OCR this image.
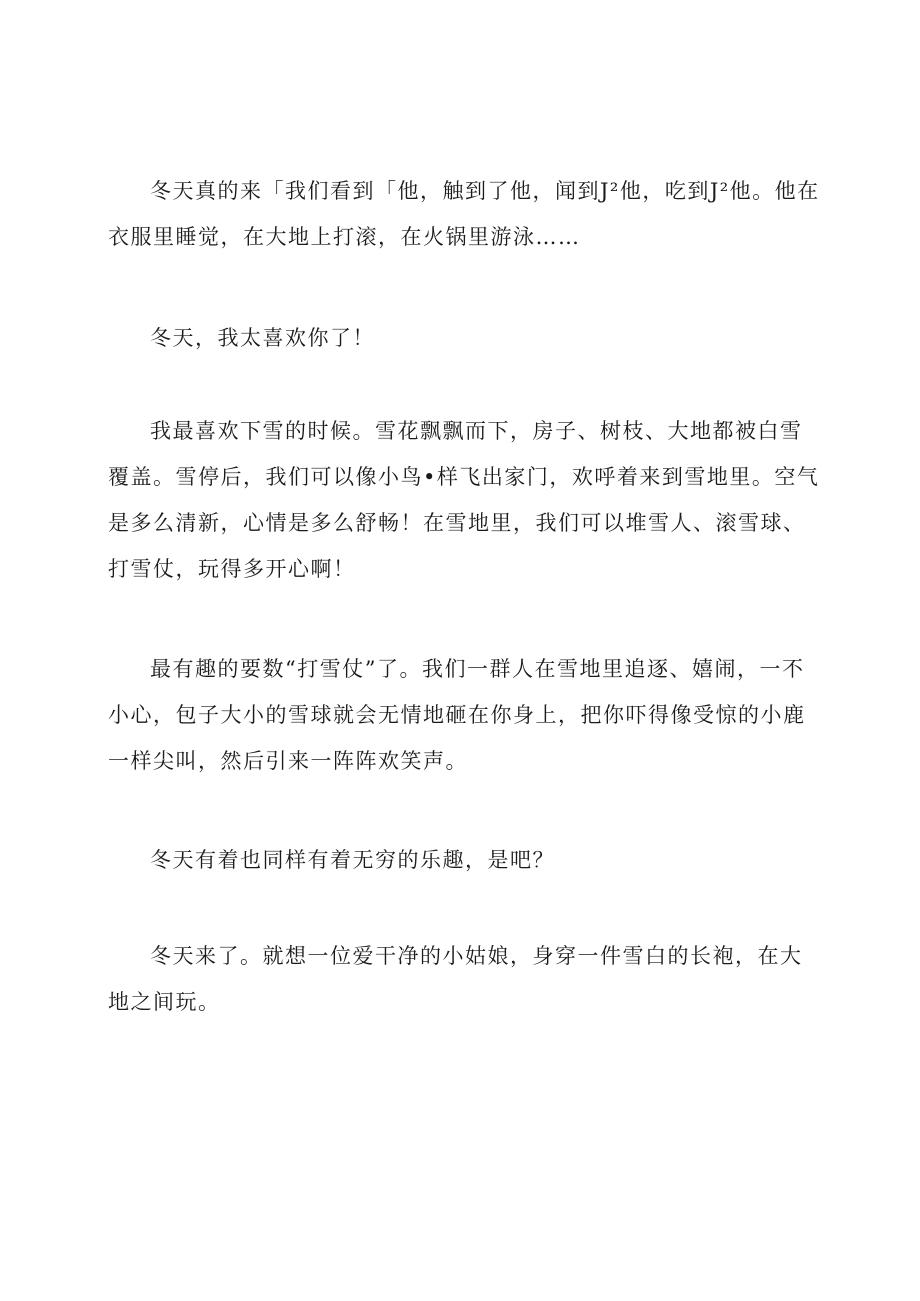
冬天真的来「我们看到「他，触到了他，闻到J²他，吃到J²他。他在衣服里睡觉，在大地上打滚，在火锅里游泳……

冬天，我太喜欢你了！

我最喜欢下雪的时候。雪花飘飘而下，房子、树枝、大地都被白雪覆盖。雪停后，我们可以像小鸟•样飞出家门，欢呼着来到雪地里。空气是多么清新，心情是多么舒畅！在雪地里，我们可以堆雪人、滚雪球、打雪仗，玩得多开心啊！

最有趣的要数“打雪仗”了。我们一群人在雪地里追逐、嬉闹，一不小心，包子大小的雪球就会无情地砸在你身上，把你吓得像受惊的小鹿一样尖叫，然后引来一阵阵欢笑声。

冬天有着也同样有着无穷的乐趣，是吧？

冬天来了。就想一位爱干净的小姑娘，身穿一件雪白的长袍，在大地之间玩。
